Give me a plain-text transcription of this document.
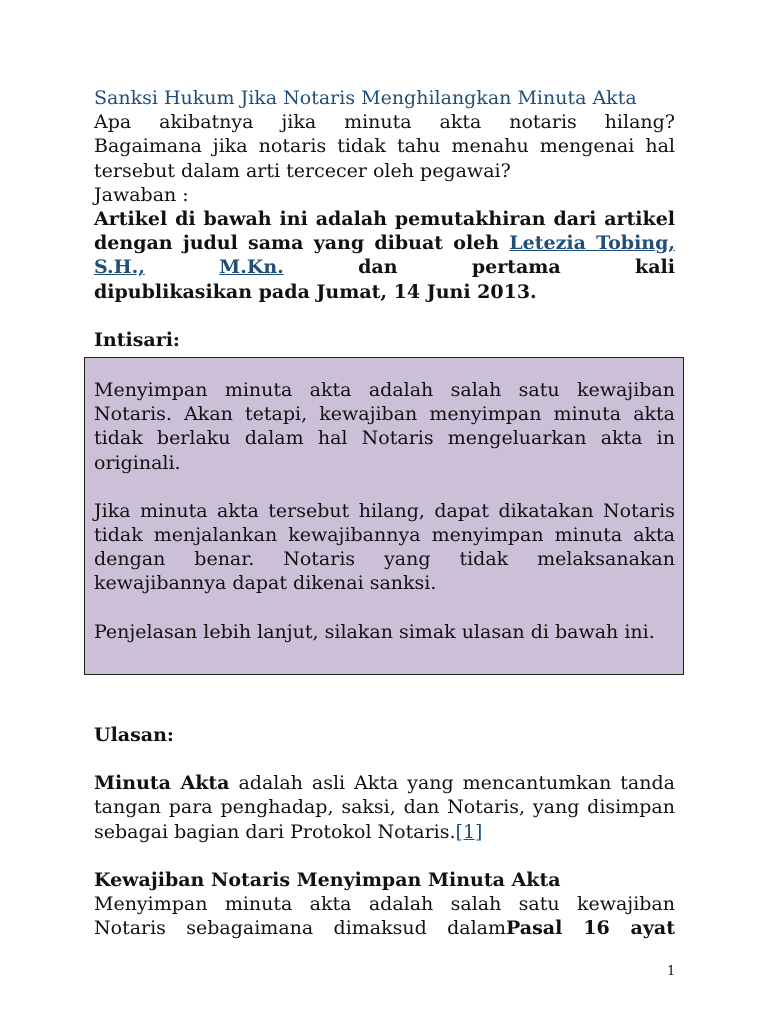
Sanksi Hukum Jika Notaris Menghilangkan Minuta Akta
Apa akibatnya jika minuta akta notaris hilang?
Bagaimana jika notaris tidak tahu menahu mengenai hal
tersebut dalam arti tercecer oleh pegawai?
Jawaban :
Artikel di bawah ini adalah pemutakhiran dari artikel
dengan judul sama yang dibuat oleh Letezia Tobing,
S.H.,	M.Kn.	dan pertama	kali
dipublikasikan pada Jumat, 14 Juni 2013.
Intisari:

Menyimpan minuta akta adalah salah satu kewajiban Notaris. Akan tetapi, kewajiban menyimpan minuta akta tidak berlaku dalam hal Notaris mengeluarkan akta in originali.

Jika minuta akta tersebut hilang, dapat dikatakan Notaris tidak menjalankan kewajibannya menyimpan minuta akta dengan benar. Notaris yang tidak melaksanakan kewajibannya dapat dikenai sanksi.

Penjelasan lebih lanjut, silakan simak ulasan di bawah ini.

Ulasan:
Minuta Akta adalah asli Akta yang mencantumkan tanda tangan para penghadap, saksi, dan Notaris, yang disimpan sebagai bagian dari Protokol Notaris.[1]
Kewajiban Notaris Menyimpan Minuta Akta
Menyimpan minuta akta adalah salah satu kewajiban
Notaris sebagaimana dimaksud dalamPasal 16 ayat
1
